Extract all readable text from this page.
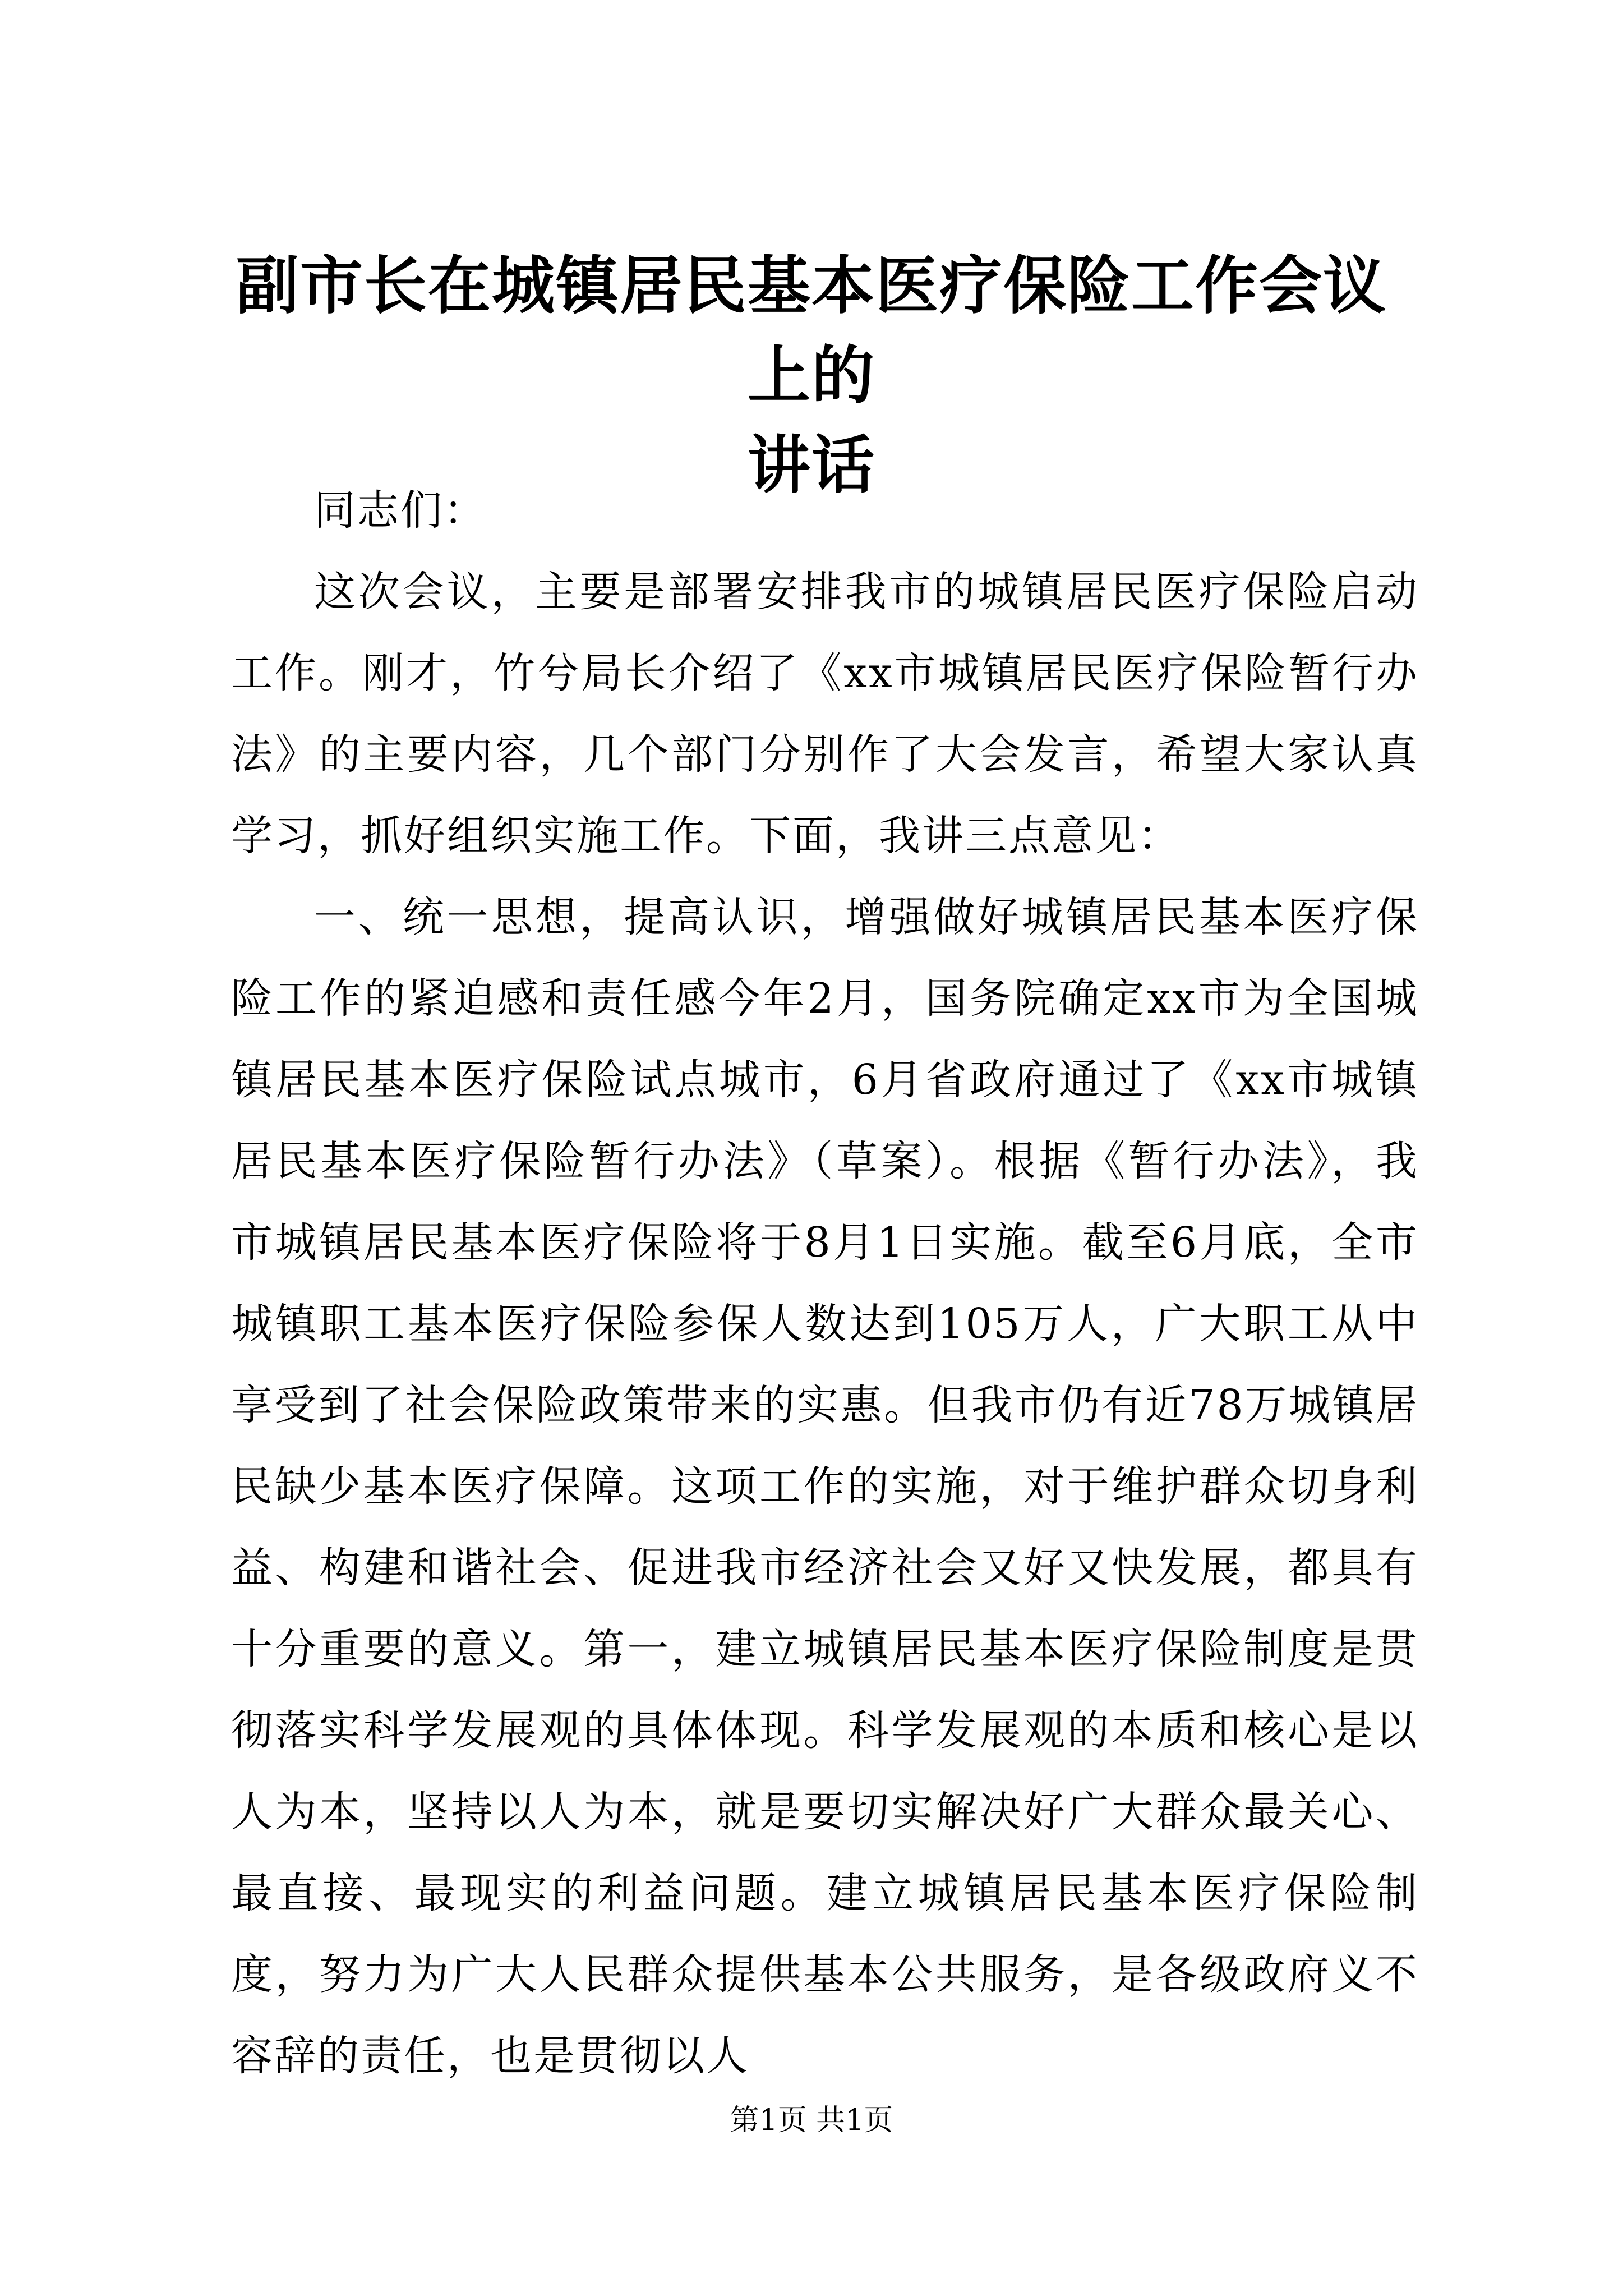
副市长在城镇居民基本医疗保险工作会议上的
讲话

同志们：

这次会议，主要是部署安排我市的城镇居民医疗保险启动工作。刚才，竹兮局长介绍了《xx市城镇居民医疗保险暂行办法》的主要内容，几个部门分别作了大会发言，希望大家认真学习，抓好组织实施工作。下面，我讲三点意见：

一、统一思想，提高认识，增强做好城镇居民基本医疗保险工作的紧迫感和责任感今年2月，国务院确定xx市为全国城镇居民基本医疗保险试点城市，6月省政府通过了《xx市城镇居民基本医疗保险暂行办法》（草案）。根据《暂行办法》，我市城镇居民基本医疗保险将于8月1日实施。截至6月底，全市城镇职工基本医疗保险参保人数达到105万人，广大职工从中享受到了社会保险政策带来的实惠。但我市仍有近78万城镇居民缺少基本医疗保障。这项工作的实施，对于维护群众切身利益、构建和谐社会、促进我市经济社会又好又快发展，都具有十分重要的意义。第一，建立城镇居民基本医疗保险制度是贯彻落实科学发展观的具体体现。科学发展观的本质和核心是以人为本，坚持以人为本，就是要切实解决好广大群众最关心、最直接、最现实的利益问题。建立城镇居民基本医疗保险制度，努力为广大人民群众提供基本公共服务，是各级政府义不容辞的责任，也是贯彻以人

第1页 共1页
